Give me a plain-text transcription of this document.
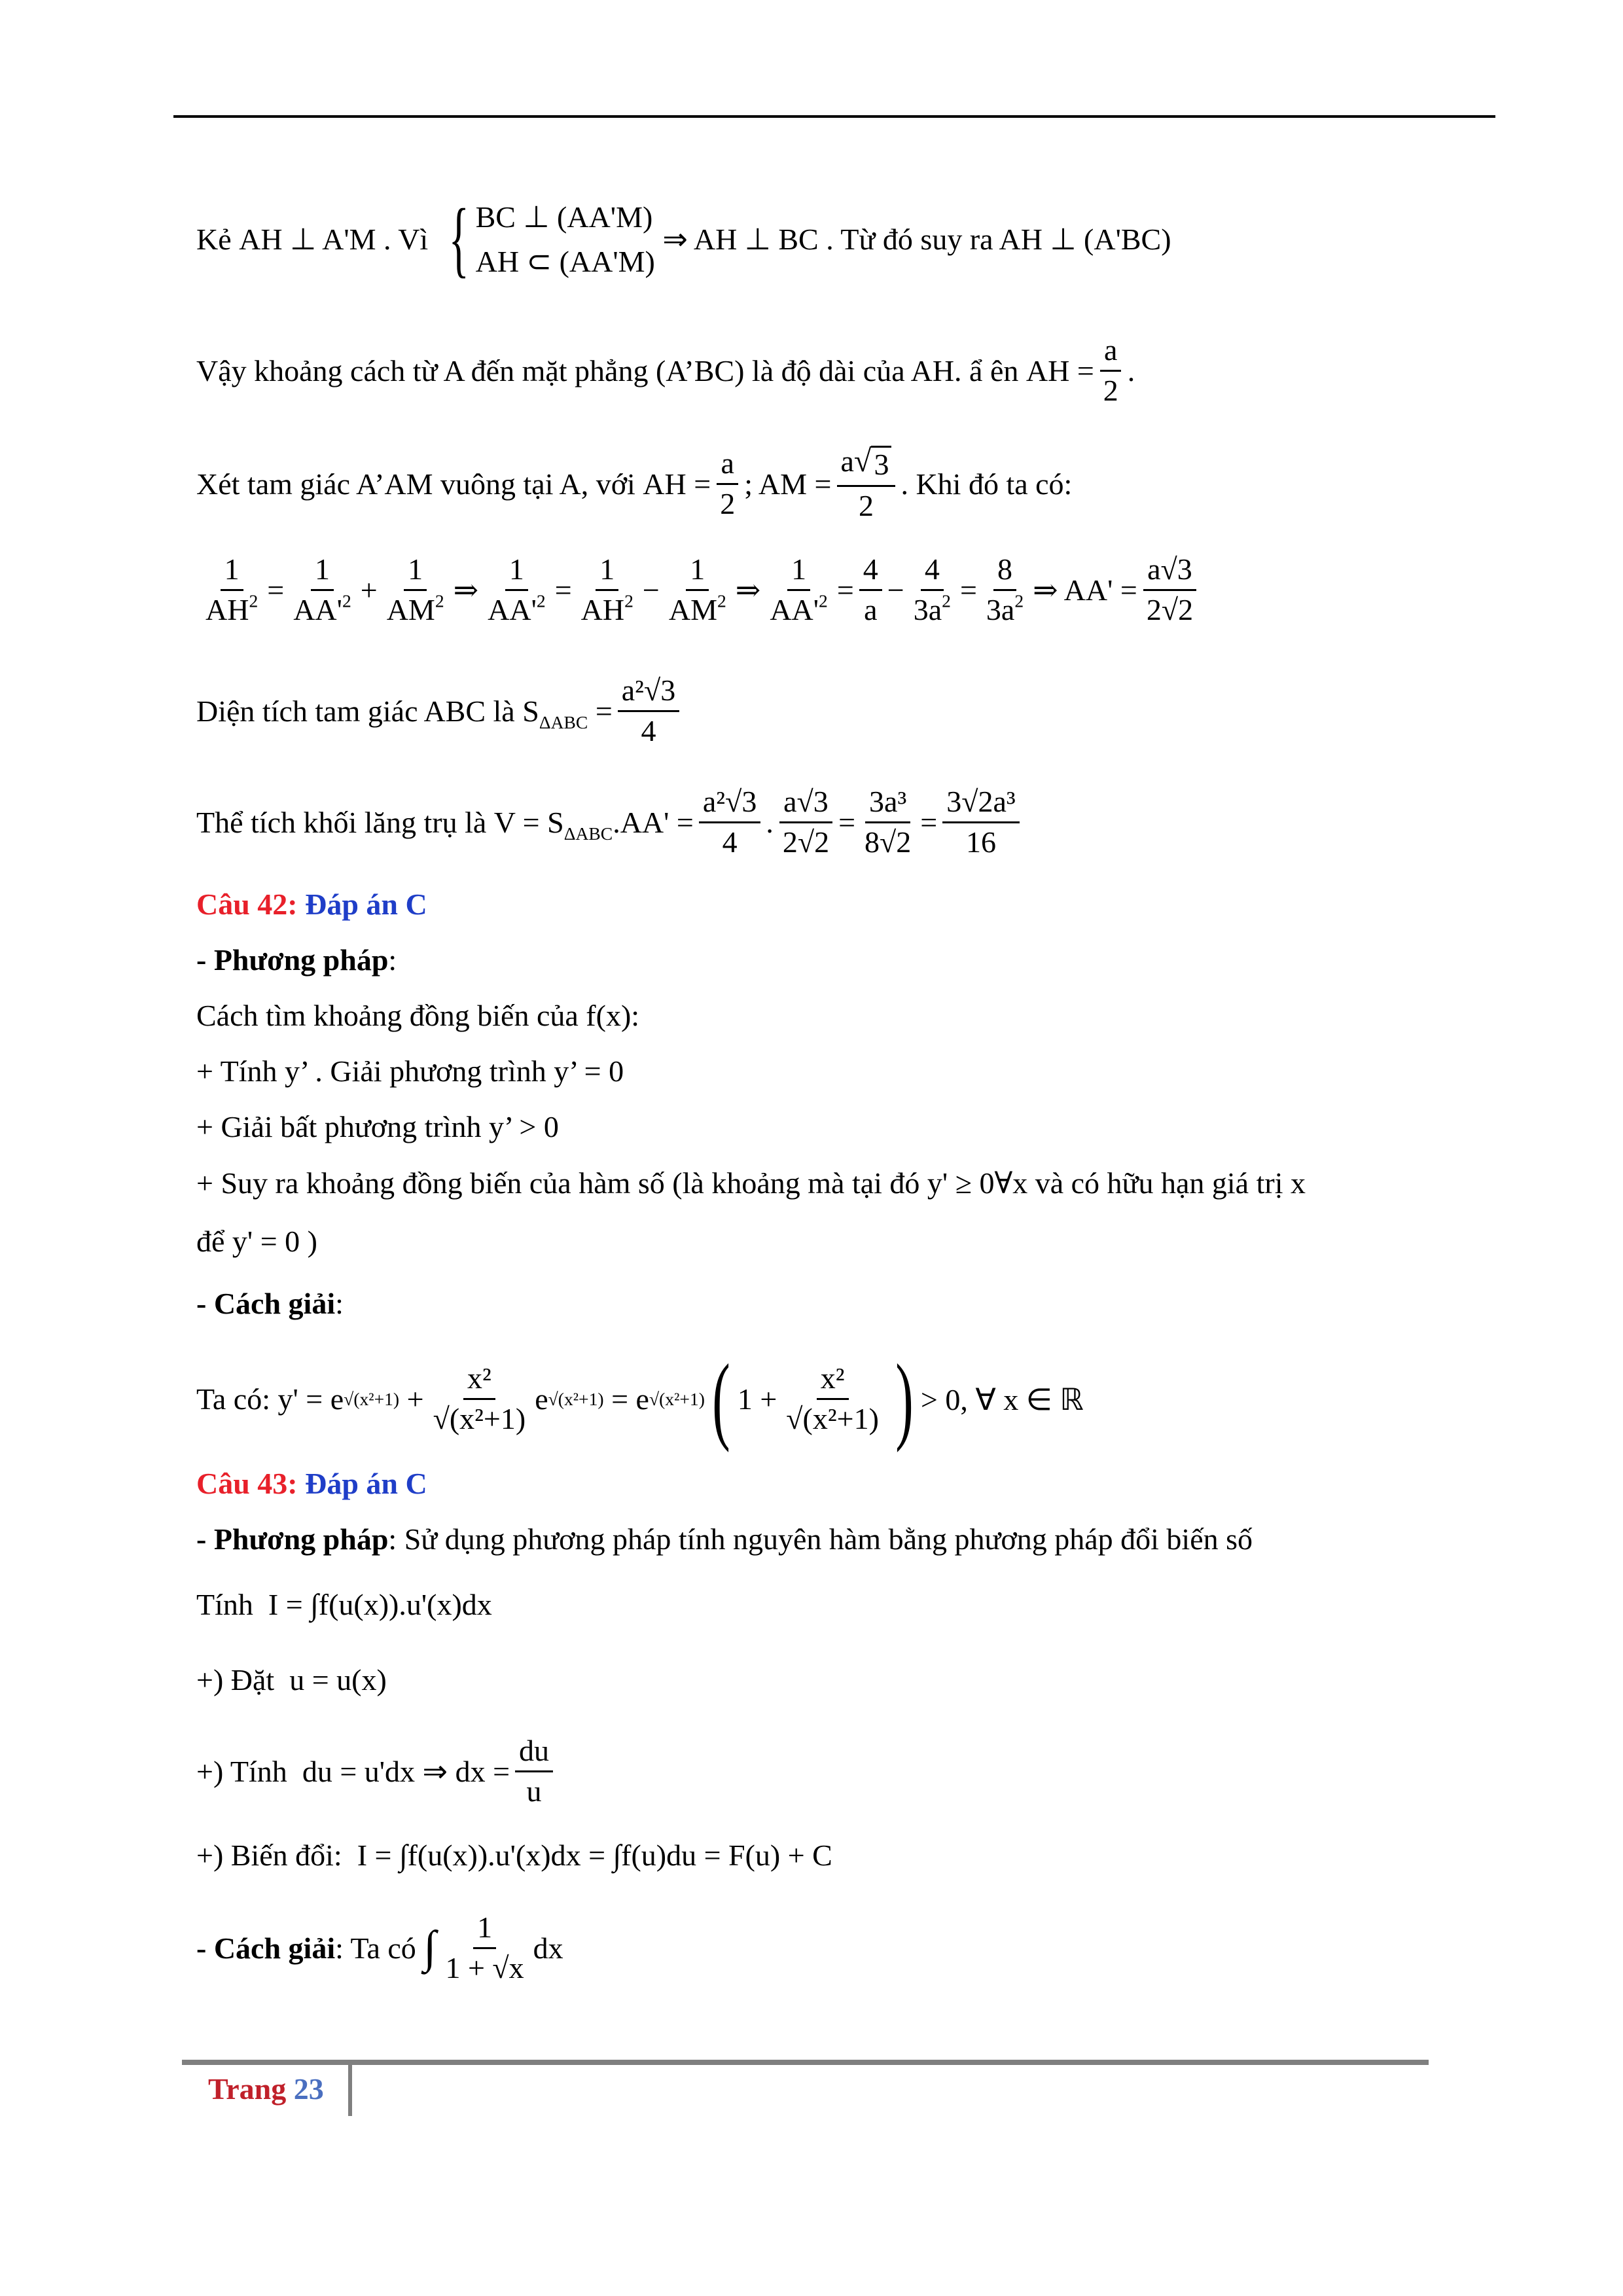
Kẻ
AH ⊥ A'M . Vì { BC ⊥ (AA'M)
AH ⊂ (AA'M)

⇒ AH ⊥ BC . Từ đó suy ra AH ⊥ (A'BC)
Vậy khoảng cách từ A đến mặt phẳng (A’BC) là độ dài của AH. ẩ ên
AH = $\frac{a}{2}$ .
Xét tam giác A’AM vuông tại A, với
AH = $\frac{a}{2}$ ; AM = $\frac{a √ 3}{2}$ . Khi đó ta có:
$\frac{1}{AH^2} = \frac{1}{AA'^2} + \frac{1}{AM^2}$ ⇒ $\frac{1}{AA'^2} = \frac{1}{AH^2} - \frac{1}{AM^2}$ ⇒ $\frac{1}{AA'^2} = \frac{4}{a} - \frac{4}{3a^2} = \frac{8}{3a^2}$ ⇒ $AA' = \frac{a√3}{2√2}$
Diện tích tam giác ABC là
$S_{\Delta ABC}$
= $\frac{\text{a²√3}}{4}$
Thể tích khối lăng trụ là
$V = S_{\Delta ABC}.AA' = \frac{\text{a²√3}}{4}$ . $\frac{a√3}{2√2} = \frac{\text{3a³}}{8√2} = \frac{\text{3√2a³}}{16}$
Câu 42:
Đáp án C
- Phương pháp :
Cách tìm khoảng đồng biến của f(x):
+ Tính y’ . Giải phương trình y’ = 0
+ Giải bất phương trình y’ > 0
+ Suy ra khoảng đồng biến của hàm số (là khoảng mà tại đó y' ≥ 0∀x và có hữu hạn giá trị x
để y' = 0 )
- Cách giải :
Ta có:
y' = e √(x²+1)
+ $\frac{\text{x²}}{\text{√(x²+1)}}$ e √(x²+1)
= e √(x²+1) ( $1 + \frac{\text{x²}}{\text{√(x²+1)}}$ ) > 0, ∀ x ∈ ℝ
Câu 43:
Đáp án C
- Phương pháp : Sử dụng phương pháp tính nguyên hàm bằng phương pháp đổi biến số
Tính
I = ∫f(u(x)).u'(x)dx
+) Đặt
u = u(x)
+) Tính
du = u'dx ⇒ dx = $\frac{du}{u}$
+) Biến đổi:
I = ∫f(u(x)).u'(x)dx = ∫f(u)du = F(u) + C
- Cách giải : Ta có
∫ $\frac{1}{1 + √x}$ dx
Trang 23
